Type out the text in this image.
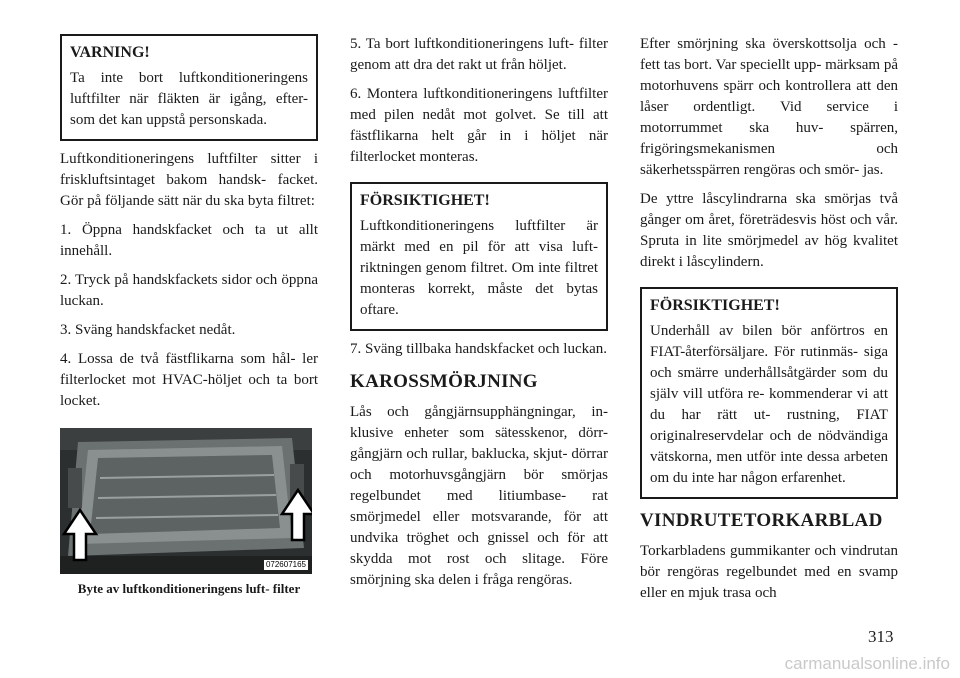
VARNING!

Ta inte bort luftkonditioneringens luftfilter när fläkten är igång, efter- som det kan uppstå personskada.

Luftkonditioneringens luftfilter sitter i friskluftsintaget bakom handsk- facket. Gör på följande sätt när du ska byta filtret:

1. Öppna handskfacket och ta ut allt innehåll.

2. Tryck på handskfackets sidor och öppna luckan.

3. Sväng handskfacket nedåt.

4. Lossa de två fästflikarna som hål- ler filterlocket mot HVAC-höljet och ta bort locket.

072607165
Byte av luftkonditioneringens luft- filter

5. Ta bort luftkonditioneringens luft- filter genom att dra det rakt ut från höljet.

6. Montera luftkonditioneringens luftfilter med pilen nedåt mot golvet. Se till att fästflikarna helt går in i höljet när filterlocket monteras.

FÖRSIKTIGHET!

Luftkonditioneringens luftfilter är märkt med en pil för att visa luft- riktningen genom filtret. Om inte filtret monteras korrekt, måste det bytas oftare.

7. Sväng tillbaka handskfacket och luckan.

KAROSSMÖRJNING

Lås och gångjärnsupphängningar, in- klusive enheter som sätesskenor, dörr- gångjärn och rullar, baklucka, skjut- dörrar och motorhuvsgångjärn bör smörjas regelbundet med litiumbase- rat smörjmedel eller motsvarande, för att undvika tröghet och gnissel och för att skydda mot rost och slitage. Före smörjning ska delen i fråga rengöras.

Efter smörjning ska överskottsolja och -fett tas bort. Var speciellt upp- märksam på motorhuvens spärr och kontrollera att den låser ordentligt. Vid service i motorrummet ska huv- spärren, frigöringsmekanismen och säkerhetsspärren rengöras och smör- jas.

De yttre låscylindrarna ska smörjas två gånger om året, företrädesvis höst och vår. Spruta in lite smörjmedel av hög kvalitet direkt i låscylindern.

FÖRSIKTIGHET!

Underhåll av bilen bör anförtros en FIAT-återförsäljare. För rutinmäs- siga och smärre underhållsåtgärder som du själv vill utföra re- kommenderar vi att du har rätt ut- rustning, FIAT originalreservdelar och de nödvändiga vätskorna, men utför inte dessa arbeten om du inte har någon erfarenhet.

VINDRUTETORKARBLAD

Torkarbladens gummikanter och vindrutan bör rengöras regelbundet med en svamp eller en mjuk trasa och

313
carmanualsonline.info
